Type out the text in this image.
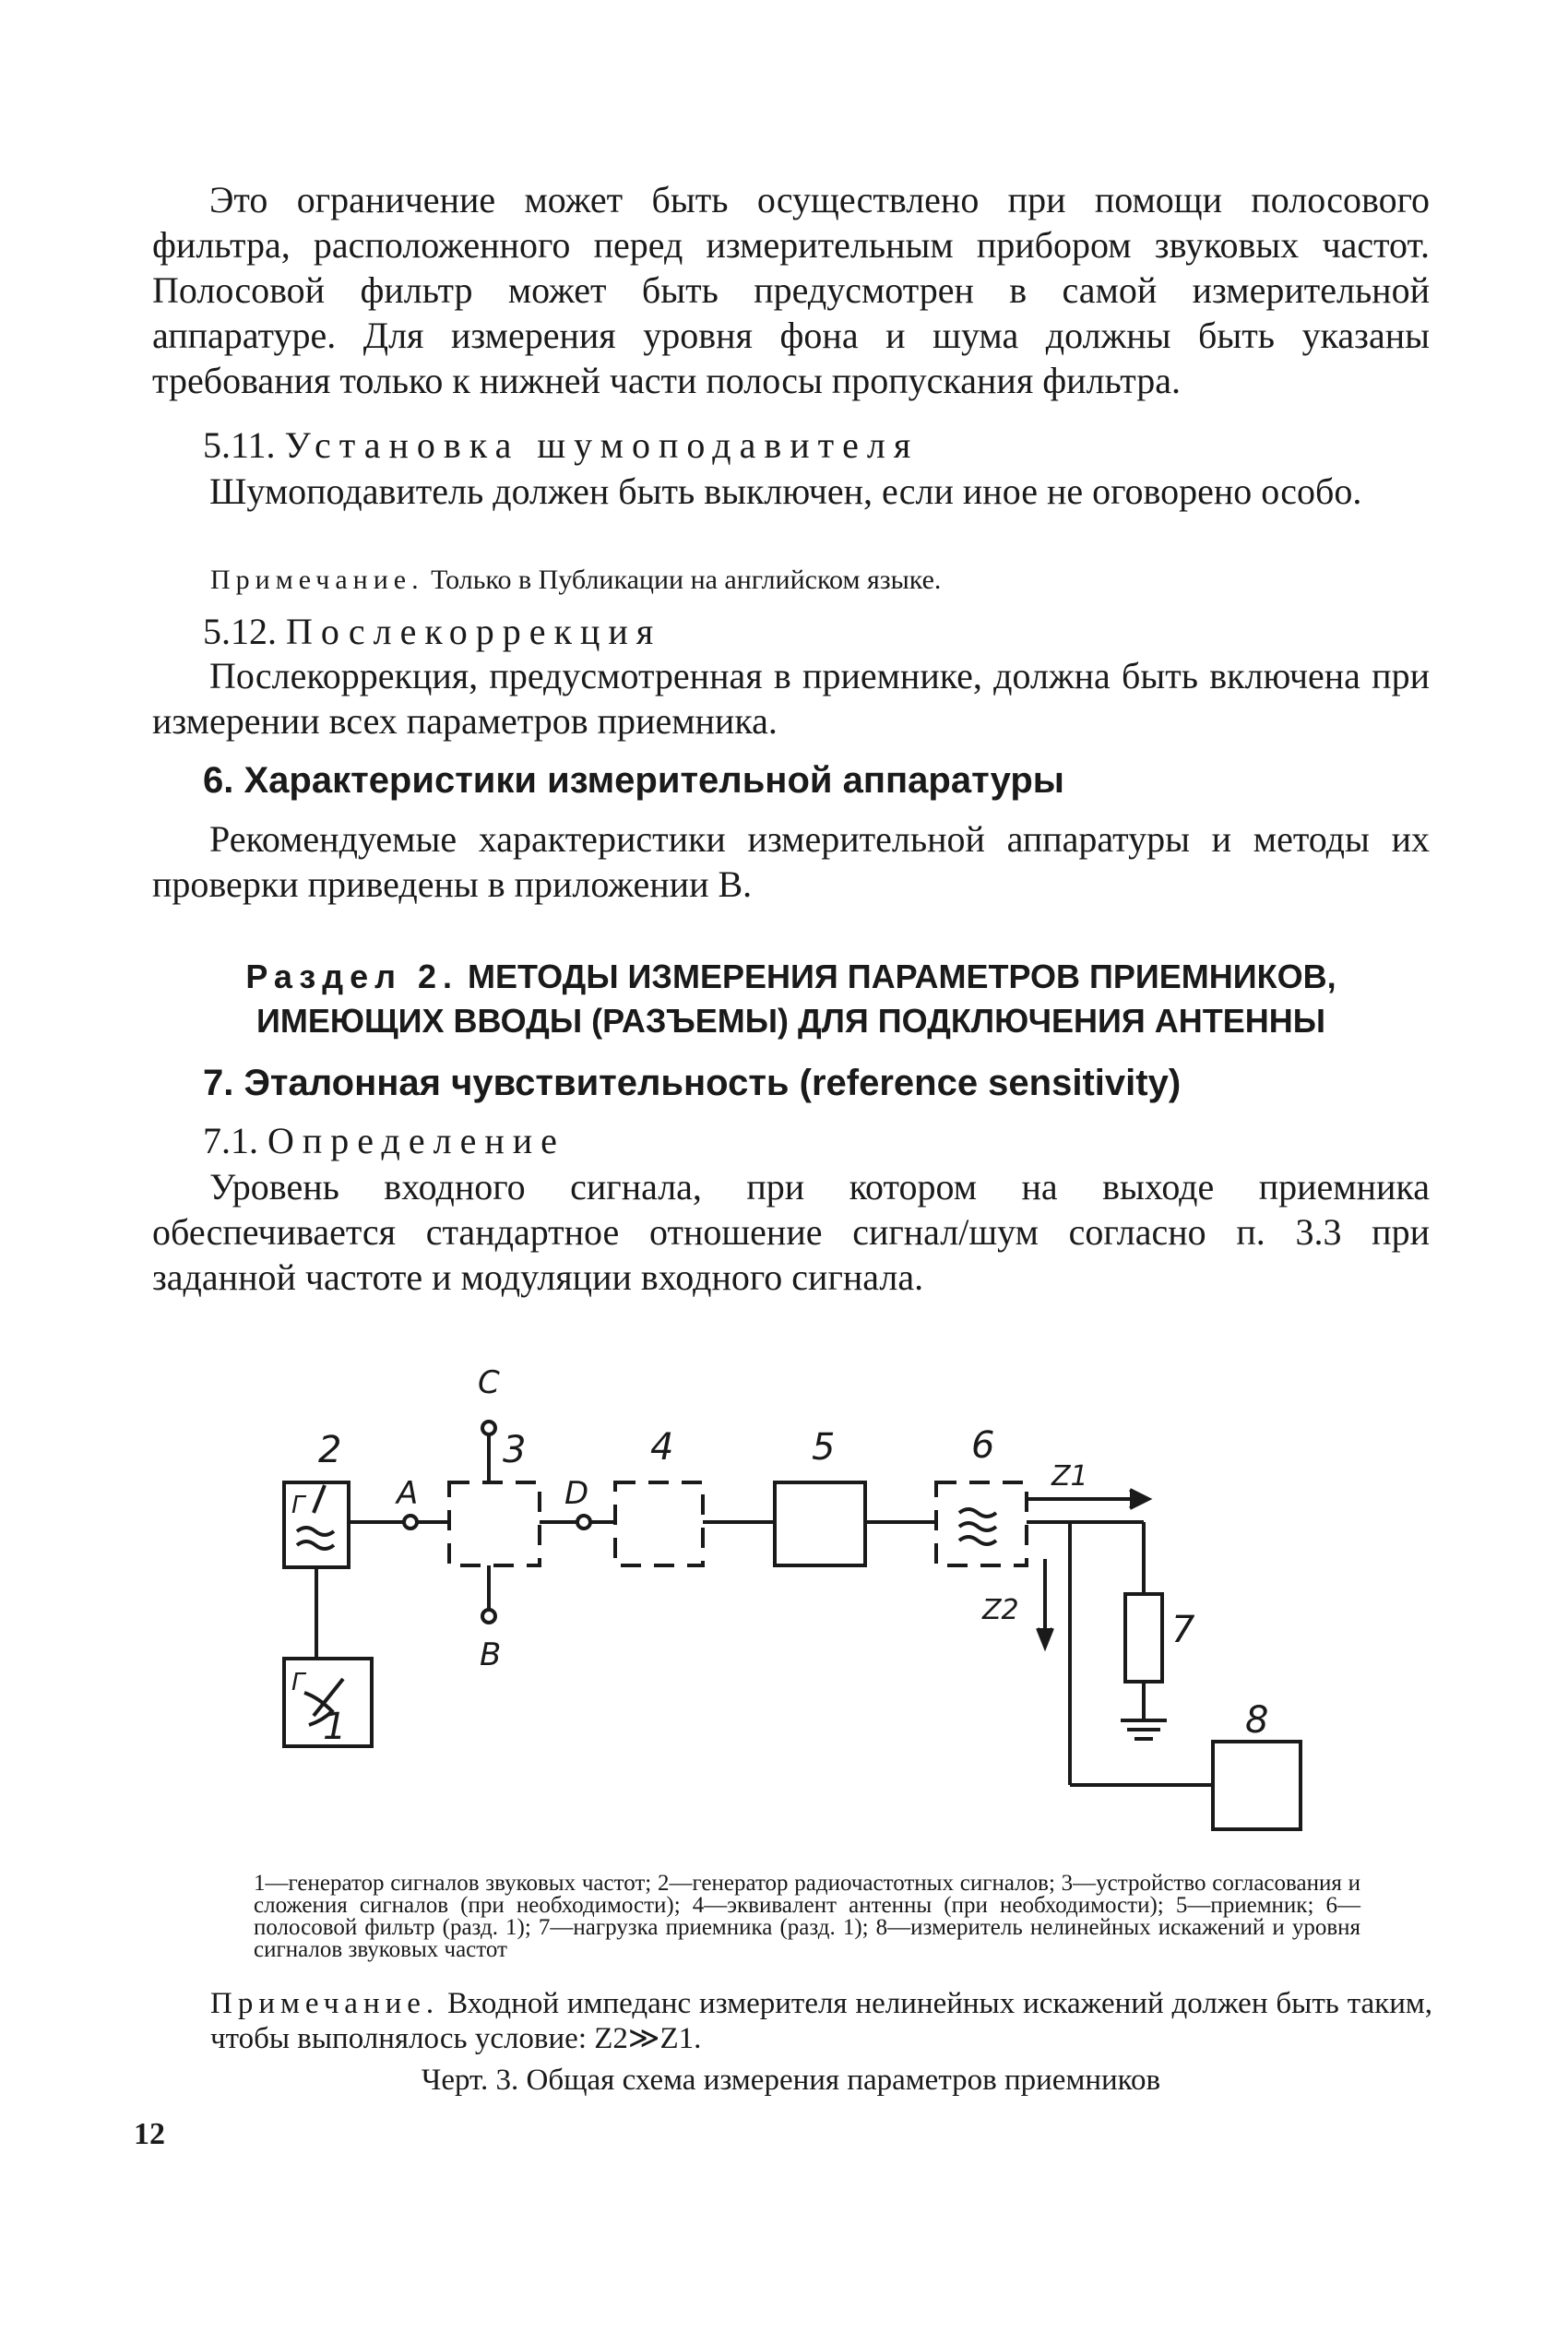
Это ограничение может быть осуществлено при помощи полосового фильтра, расположенного перед измерительным прибором звуковых частот. Полосовой фильтр может быть предусмотрен в самой измерительной аппаратуре. Для измерения уровня фона и шума должны быть указаны требования только к нижней части полосы пропускания фильтра.
5.11. Установка шумоподавителя
Шумоподавитель должен быть выключен, если иное не оговорено особо.
Примечание. Только в Публикации на английском языке.
5.12. Послекоррекция
Послекоррекция, предусмотренная в приемнике, должна быть включена при измерении всех параметров приемника.
6. Характеристики измерительной аппаратуры
Рекомендуемые характеристики измерительной аппаратуры и методы их проверки приведены в приложении В.
Раздел 2. МЕТОДЫ ИЗМЕРЕНИЯ ПАРАМЕТРОВ ПРИЕМНИКОВ,
ИМЕЮЩИХ ВВОДЫ (РАЗЪЕМЫ) ДЛЯ ПОДКЛЮЧЕНИЯ АНТЕННЫ
7. Эталонная чувствительность (reference sensitivity)
7.1. Определение
Уровень входного сигнала, при котором на выходе приемника обеспечивается стандартное отношение сигнал/шум согласно п. 3.3 при заданной частоте и модуляции входного сигнала.
2
1
3	4	5	6
7
8
A
B
C
D	Z1
Z2
Г
Г
1—генератор сигналов звуковых частот; 2—генератор радиочастотных сигналов; 3—устройство согласования и сложения сигналов (при необходимости); 4—эквивалент антенны (при необходимости); 5—приемник; 6—полосовой фильтр (разд. 1); 7—нагрузка приемника (разд. 1); 8—измеритель нелинейных искажений и уровня сигналов звуковых частот
Примечание. Входной импеданс измерителя нелинейных искажений должен быть таким, чтобы выполнялось условие: Z2≫Z1.
Черт. 3. Общая схема измерения параметров приемников
12
